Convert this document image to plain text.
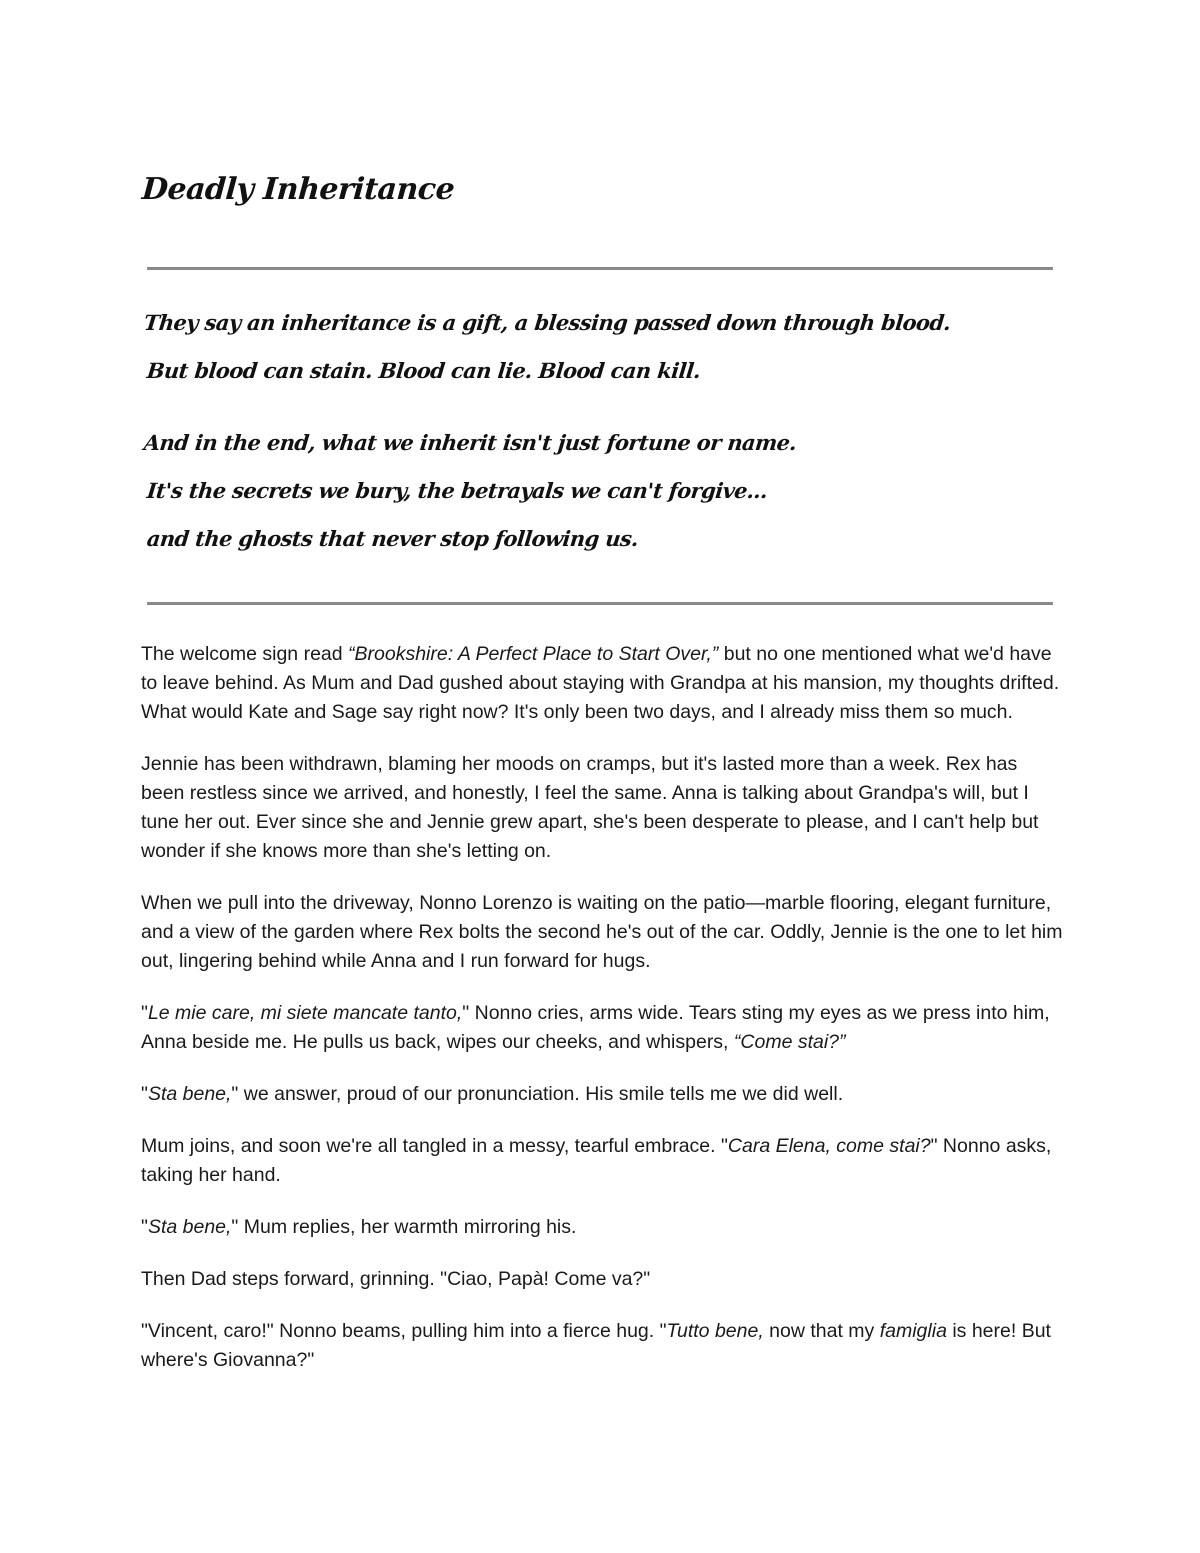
Deadly Inheritance

They say an inheritance is a gift, a blessing passed down through blood.

But blood can stain. Blood can lie. Blood can kill.

And in the end, what we inherit isn't just fortune or name.

It's the secrets we bury, the betrayals we can't forgive...

and the ghosts that never stop following us.

The welcome sign read “Brookshire: A Perfect Place to Start Over,” but no one mentioned what we'd have to leave behind. As Mum and Dad gushed about staying with Grandpa at his mansion, my thoughts drifted. What would Kate and Sage say right now? It's only been two days, and I already miss them so much.

Jennie has been withdrawn, blaming her moods on cramps, but it's lasted more than a week. Rex has been restless since we arrived, and honestly, I feel the same. Anna is talking about Grandpa's will, but I tune her out. Ever since she and Jennie grew apart, she's been desperate to please, and I can't help but wonder if she knows more than she's letting on.

When we pull into the driveway, Nonno Lorenzo is waiting on the patio—marble flooring, elegant furniture, and a view of the garden where Rex bolts the second he's out of the car. Oddly, Jennie is the one to let him out, lingering behind while Anna and I run forward for hugs.

"Le mie care, mi siete mancate tanto," Nonno cries, arms wide. Tears sting my eyes as we press into him, Anna beside me. He pulls us back, wipes our cheeks, and whispers, “Come stai?”

"Sta bene," we answer, proud of our pronunciation. His smile tells me we did well.

Mum joins, and soon we're all tangled in a messy, tearful embrace. "Cara Elena, come stai?" Nonno asks, taking her hand.

"Sta bene," Mum replies, her warmth mirroring his.

Then Dad steps forward, grinning. "Ciao, Papà! Come va?"

"Vincent, caro!" Nonno beams, pulling him into a fierce hug. "Tutto bene, now that my famiglia is here! But where's Giovanna?"
